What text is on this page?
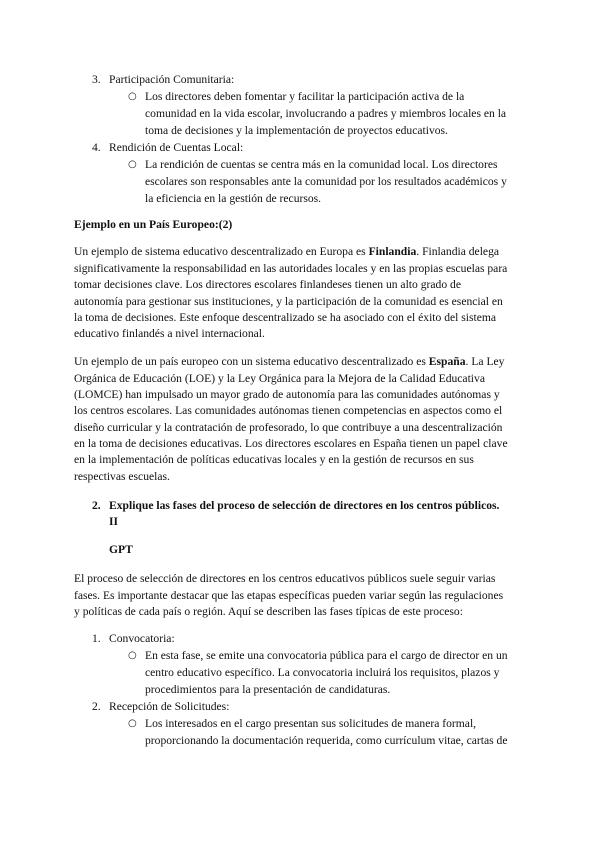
3. Participación Comunitaria:
○ Los directores deben fomentar y facilitar la participación activa de la
comunidad en la vida escolar, involucrando a padres y miembros locales en la
toma de decisiones y la implementación de proyectos educativos.
4. Rendición de Cuentas Local:
○ La rendición de cuentas se centra más en la comunidad local. Los directores
escolares son responsables ante la comunidad por los resultados académicos y
la eficiencia en la gestión de recursos.
Ejemplo en un País Europeo:(2)
Un ejemplo de sistema educativo descentralizado en Europa es Finlandia. Finlandia delega
significativamente la responsabilidad en las autoridades locales y en las propias escuelas para
tomar decisiones clave. Los directores escolares finlandeses tienen un alto grado de
autonomía para gestionar sus instituciones, y la participación de la comunidad es esencial en
la toma de decisiones. Este enfoque descentralizado se ha asociado con el éxito del sistema
educativo finlandés a nivel internacional.
Un ejemplo de un país europeo con un sistema educativo descentralizado es España. La Ley
Orgánica de Educación (LOE) y la Ley Orgánica para la Mejora de la Calidad Educativa
(LOMCE) han impulsado un mayor grado de autonomía para las comunidades autónomas y
los centros escolares. Las comunidades autónomas tienen competencias en aspectos como el
diseño curricular y la contratación de profesorado, lo que contribuye a una descentralización
en la toma de decisiones educativas. Los directores escolares en España tienen un papel clave
en la implementación de políticas educativas locales y en la gestión de recursos en sus
respectivas escuelas.
2. Explique las fases del proceso de selección de directores en los centros públicos.
II
GPT
El proceso de selección de directores en los centros educativos públicos suele seguir varias
fases. Es importante destacar que las etapas específicas pueden variar según las regulaciones
y políticas de cada país o región. Aquí se describen las fases típicas de este proceso:
1. Convocatoria:
○ En esta fase, se emite una convocatoria pública para el cargo de director en un
centro educativo específico. La convocatoria incluirá los requisitos, plazos y
procedimientos para la presentación de candidaturas.
2. Recepción de Solicitudes:
○ Los interesados en el cargo presentan sus solicitudes de manera formal,
proporcionando la documentación requerida, como currículum vitae, cartas de
